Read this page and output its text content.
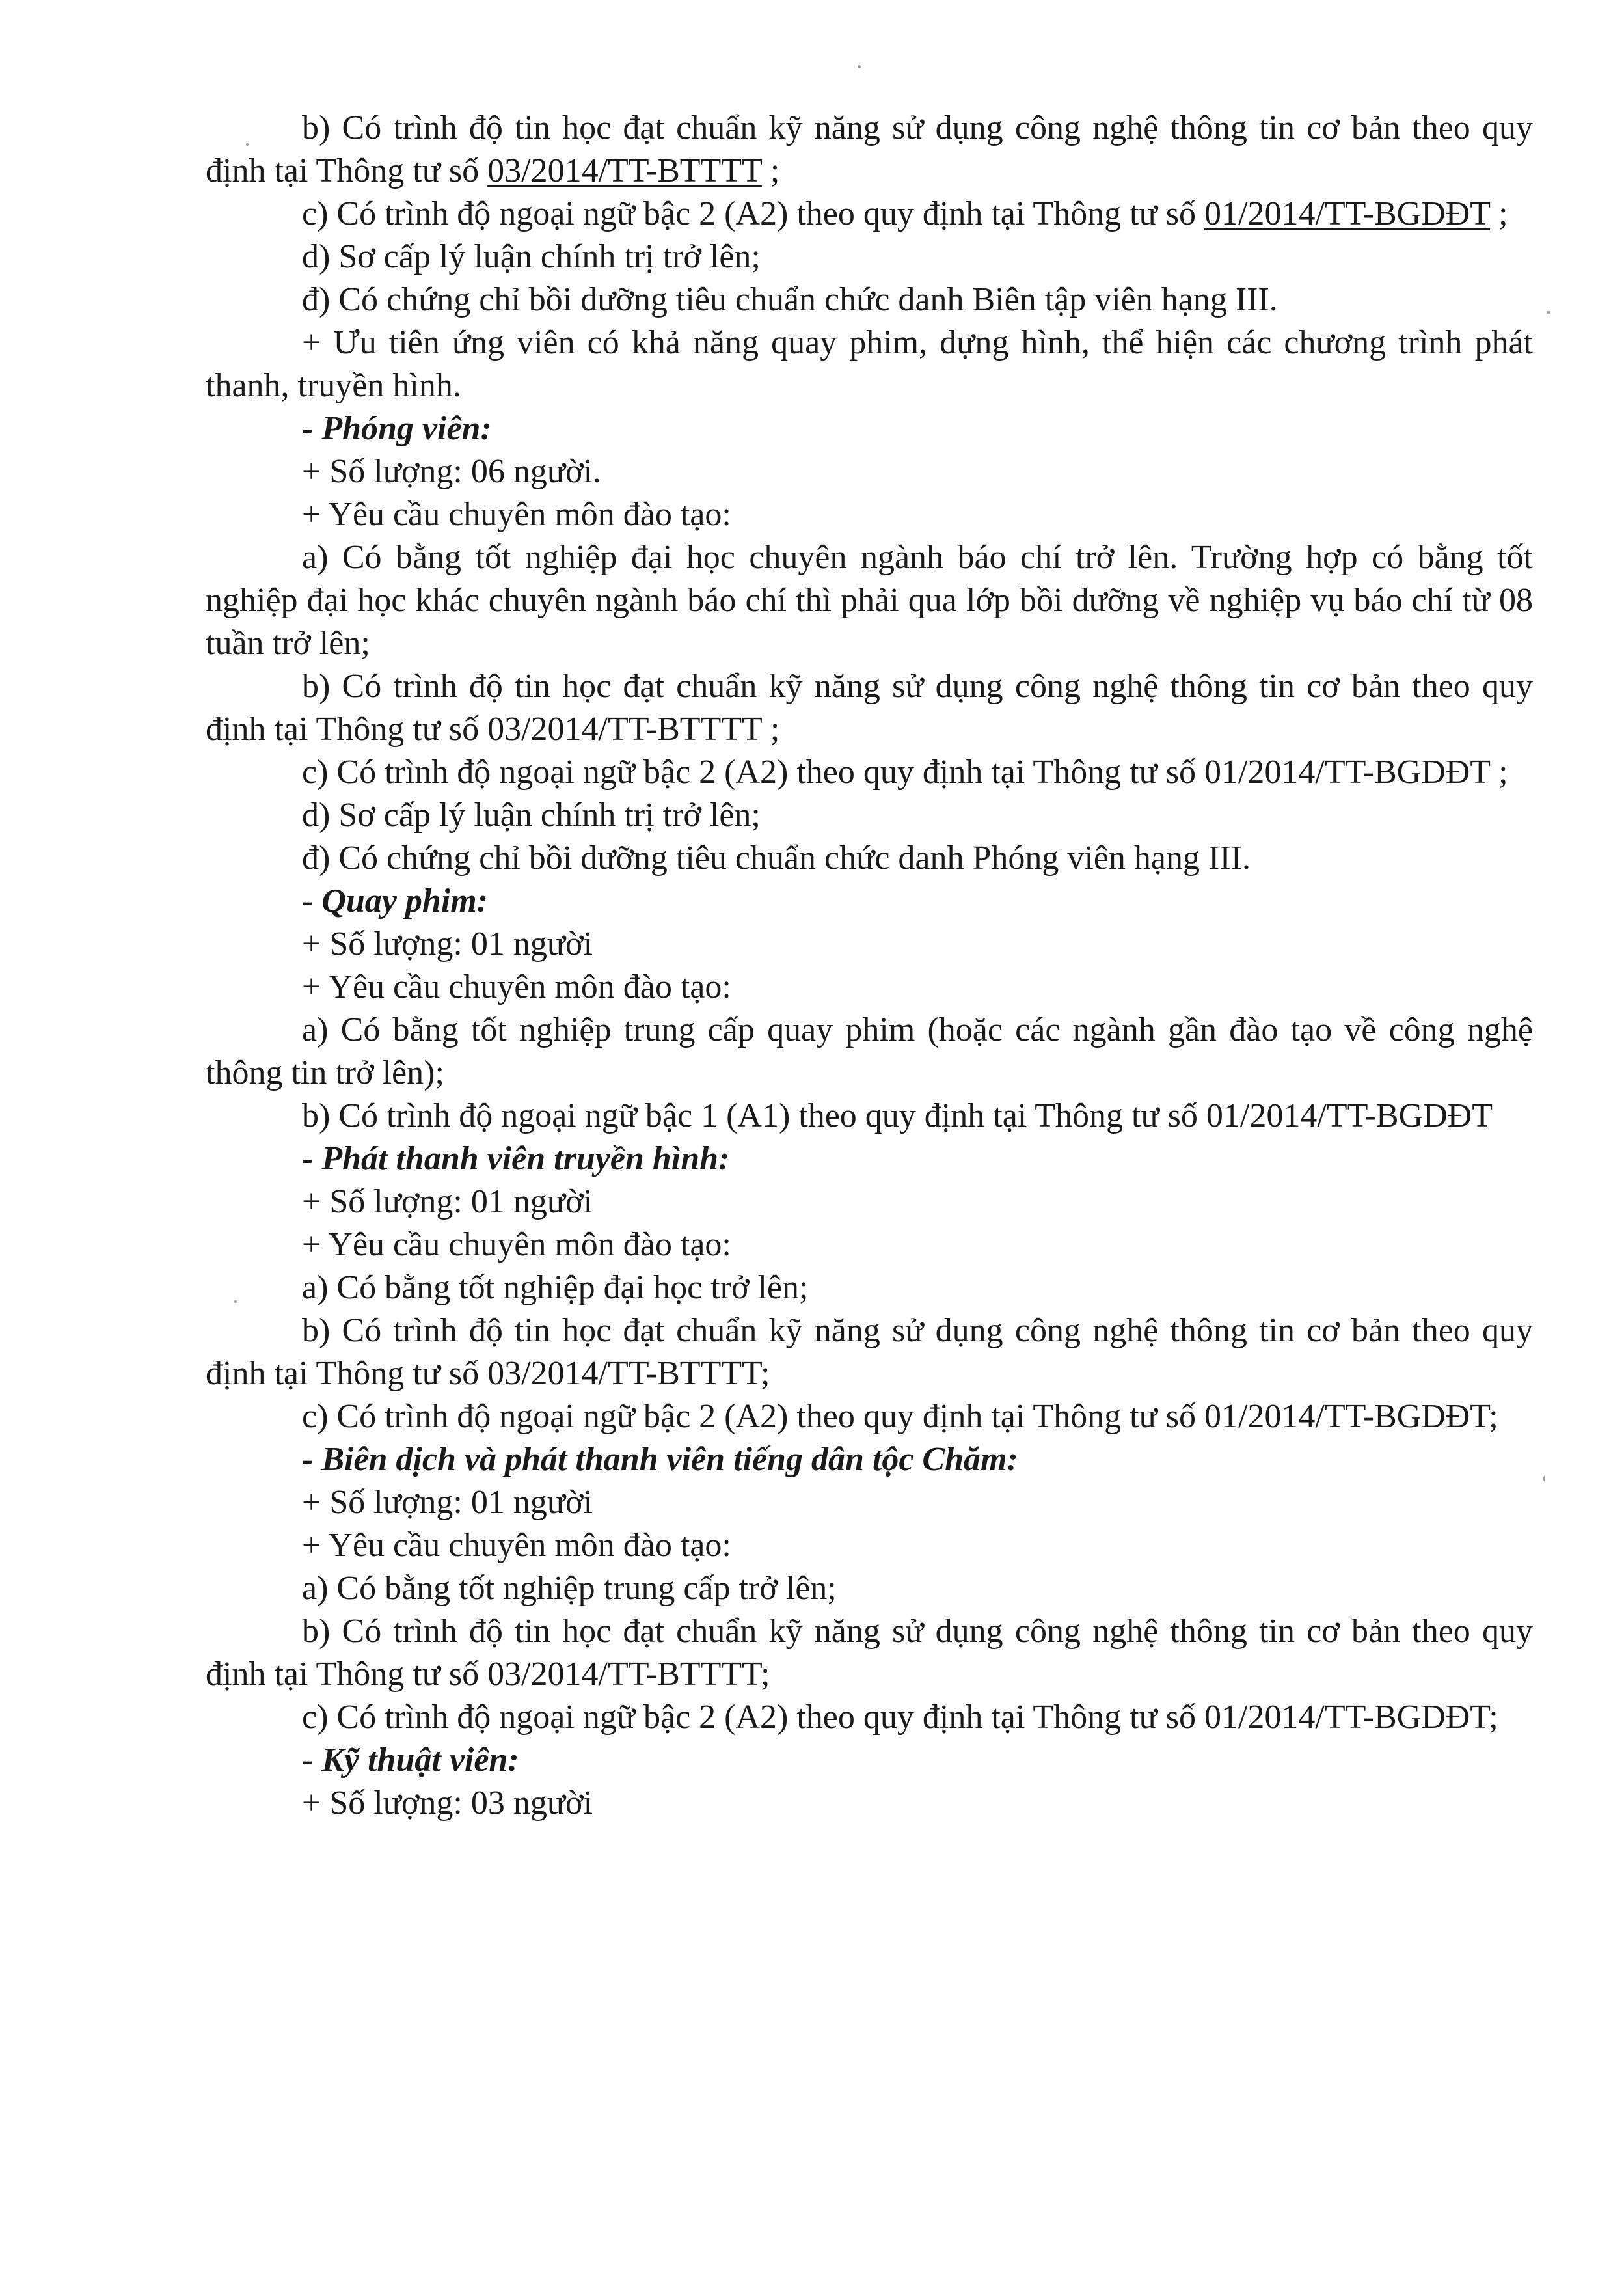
b) Có trình độ tin học đạt chuẩn kỹ năng sử dụng công nghệ thông tin cơ bản theo quy định tại Thông tư số 03/2014/TT-BTTTT ;

c) Có trình độ ngoại ngữ bậc 2 (A2) theo quy định tại Thông tư số 01/2014/TT-BGDĐT ;

d) Sơ cấp lý luận chính trị trở lên;

đ) Có chứng chỉ bồi dưỡng tiêu chuẩn chức danh Biên tập viên hạng III.

+ Ưu tiên ứng viên có khả năng quay phim, dựng hình, thể hiện các chương trình phát thanh, truyền hình.

- Phóng viên:

+ Số lượng: 06 người.

+ Yêu cầu chuyên môn đào tạo:

a) Có bằng tốt nghiệp đại học chuyên ngành báo chí trở lên. Trường hợp có bằng tốt nghiệp đại học khác chuyên ngành báo chí thì phải qua lớp bồi dưỡng về nghiệp vụ báo chí từ 08 tuần trở lên;

b) Có trình độ tin học đạt chuẩn kỹ năng sử dụng công nghệ thông tin cơ bản theo quy định tại Thông tư số 03/2014/TT-BTTTT ;

c) Có trình độ ngoại ngữ bậc 2 (A2) theo quy định tại Thông tư số 01/2014/TT-BGDĐT ;

d) Sơ cấp lý luận chính trị trở lên;

đ) Có chứng chỉ bồi dưỡng tiêu chuẩn chức danh Phóng viên hạng III.

- Quay phim:

+ Số lượng: 01 người

+ Yêu cầu chuyên môn đào tạo:

a) Có bằng tốt nghiệp trung cấp quay phim (hoặc các ngành gần đào tạo về công nghệ thông tin trở lên);

b) Có trình độ ngoại ngữ bậc 1 (A1) theo quy định tại Thông tư số 01/2014/TT-BGDĐT

- Phát thanh viên truyền hình:

+ Số lượng: 01 người

+ Yêu cầu chuyên môn đào tạo:

a) Có bằng tốt nghiệp đại học trở lên;

b) Có trình độ tin học đạt chuẩn kỹ năng sử dụng công nghệ thông tin cơ bản theo quy định tại Thông tư số 03/2014/TT-BTTTT;

c) Có trình độ ngoại ngữ bậc 2 (A2) theo quy định tại Thông tư số 01/2014/TT-BGDĐT;

- Biên dịch và phát thanh viên tiếng dân tộc Chăm:

+ Số lượng: 01 người

+ Yêu cầu chuyên môn đào tạo:

a) Có bằng tốt nghiệp trung cấp trở lên;

b) Có trình độ tin học đạt chuẩn kỹ năng sử dụng công nghệ thông tin cơ bản theo quy định tại Thông tư số 03/2014/TT-BTTTT;

c) Có trình độ ngoại ngữ bậc 2 (A2) theo quy định tại Thông tư số 01/2014/TT-BGDĐT;

- Kỹ thuật viên:

+ Số lượng: 03 người
